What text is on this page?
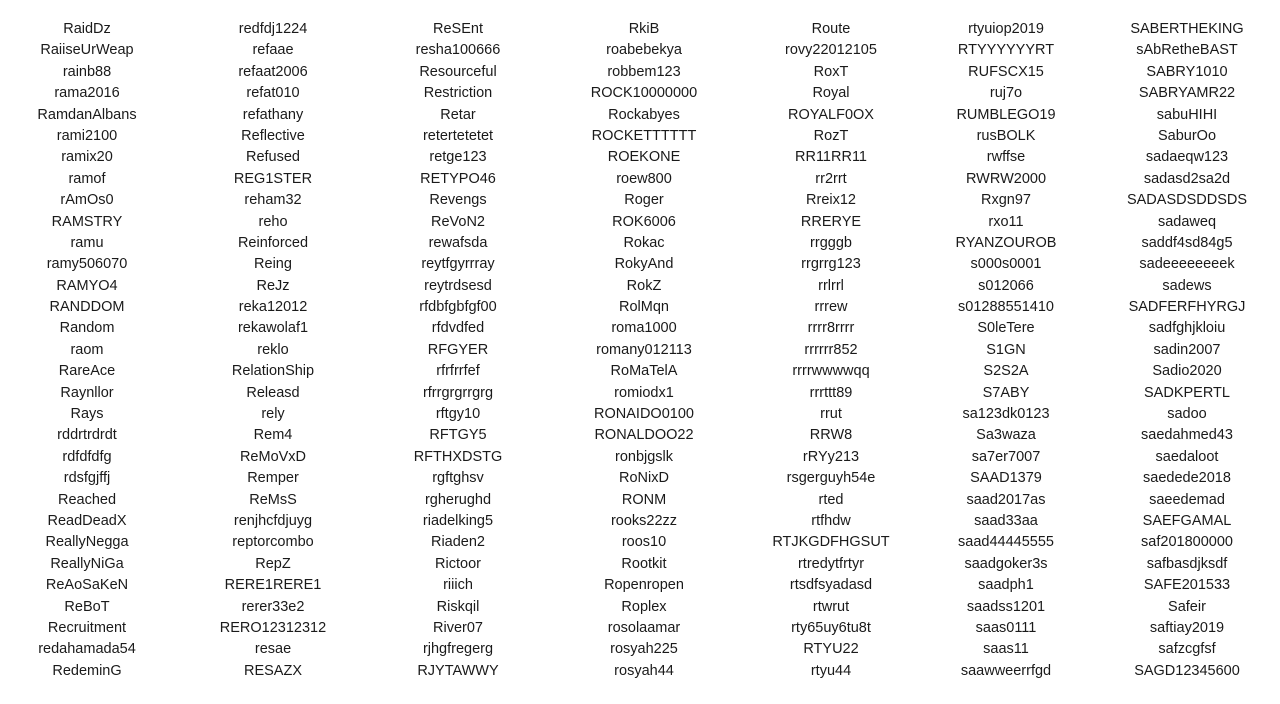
RaidDz
RaiiseUrWeap
rainb88
rama2016
RamdanAlbans
rami2100
ramix20
ramof
rAmOs0
RAMSTRY
ramu
ramy506070
RAMYO4
RANDDOM
Random
raom
RareAce
Raynllor
Rays
rddrtrdrdt
rdfdfdfg
rdsfgjffj
Reached
ReadDeadX
ReallyNegga
ReallyNiGa
ReAoSaKeN
ReBoT
Recruitment
redahamada54
RedeminG
redfdj1224
refaae
refaat2006
refat010
refathany
Reflective
Refused
REG1STER
reham32
reho
Reinforced
Reing
ReJz
reka12012
rekawolaf1
reklo
RelationShip
Releasd
rely
Rem4
ReMoVxD
Remper
ReMsS
renjhcfdjuyg
reptorcombo
RepZ
RERE1RERE1
rerer33e2
RERO12312312
resae
RESAZX
ReSEnt
resha100666
Resourceful
Restriction
Retar
retertetetet
retge123
RETYPO46
Revengs
ReVoN2
rewafsda
reytfgyrrray
reytrdsesd
rfdbfgbfgf00
rfdvdfed
RFGYER
rfrfrrfef
rfrrgrgrrgrg
rftgy10
RFTGY5
RFTHXDSTG
rgftghsv
rgherughd
riadelking5
Riaden2
Rictoor
riiich
Riskqil
River07
rjhgfregerg
RJYTAWWY
RkiB
roabebekya
robbem123
ROCK10000000
Rockabyes
ROCKETTTTTT
ROEKONE
roew800
Roger
ROK6006
Rokac
RokyAnd
RokZ
RolMqn
roma1000
romany012113
RoMaTelA
romiodx1
RONAIDO0100
RONALDOO22
ronbjgslk
RoNixD
RONM
rooks22zz
roos10
Rootkit
Ropenropen
Roplex
rosolaamar
rosyah225
rosyah44
Route
rovy22012105
RoxT
Royal
ROYALF0OX
RozT
RR11RR11
rr2rrt
Rreix12
RRERYE
rrgggb
rrgrrg123
rrlrrl
rrrew
rrrr8rrrr
rrrrrr852
rrrrwwwwqq
rrrttt89
rrut
RRW8
rRYy213
rsgerguyh54e
rted
rtfhdw
RTJKGDFHGSUT
rtredytfrtyr
rtsdfsyadasd
rtwrut
rty65uy6tu8t
RTYU22
rtyu44
rtyuiop2019
RTYYYYYYRT
RUFSCX15
ruj7o
RUMBLEGO19
rusBOLK
rwffse
RWRW2000
Rxgn97
rxo11
RYANZOUROB
s000s0001
s012066
s01288551410
S0leTere
S1GN
S2S2A
S7ABY
sa123dk0123
Sa3waza
sa7er7007
SAAD1379
saad2017as
saad33aa
saad44445555
saadgoker3s
saadph1
saadss1201
saas0111
saas11
saawweerrfgd
SABERTHEKING
sAbRetheBAST
SABRY1010
SABRYAMR22
sabuHIHI
SaburOo
sadaeqw123
sadasd2sa2d
SADASDSDDSDS
sadaweq
saddf4sd84g5
sadeeeeeeeek
sadews
SADFERFHYRGJ
sadfghjkloiu
sadin2007
Sadio2020
SADKPERTL
sadoo
saedahmed43
saedaloot
saedede2018
saeedemad
SAEFGAMAL
saf201800000
safbasdjksdf
SAFE201533
Safeir
saftiay2019
safzcgfsf
SAGD12345600
